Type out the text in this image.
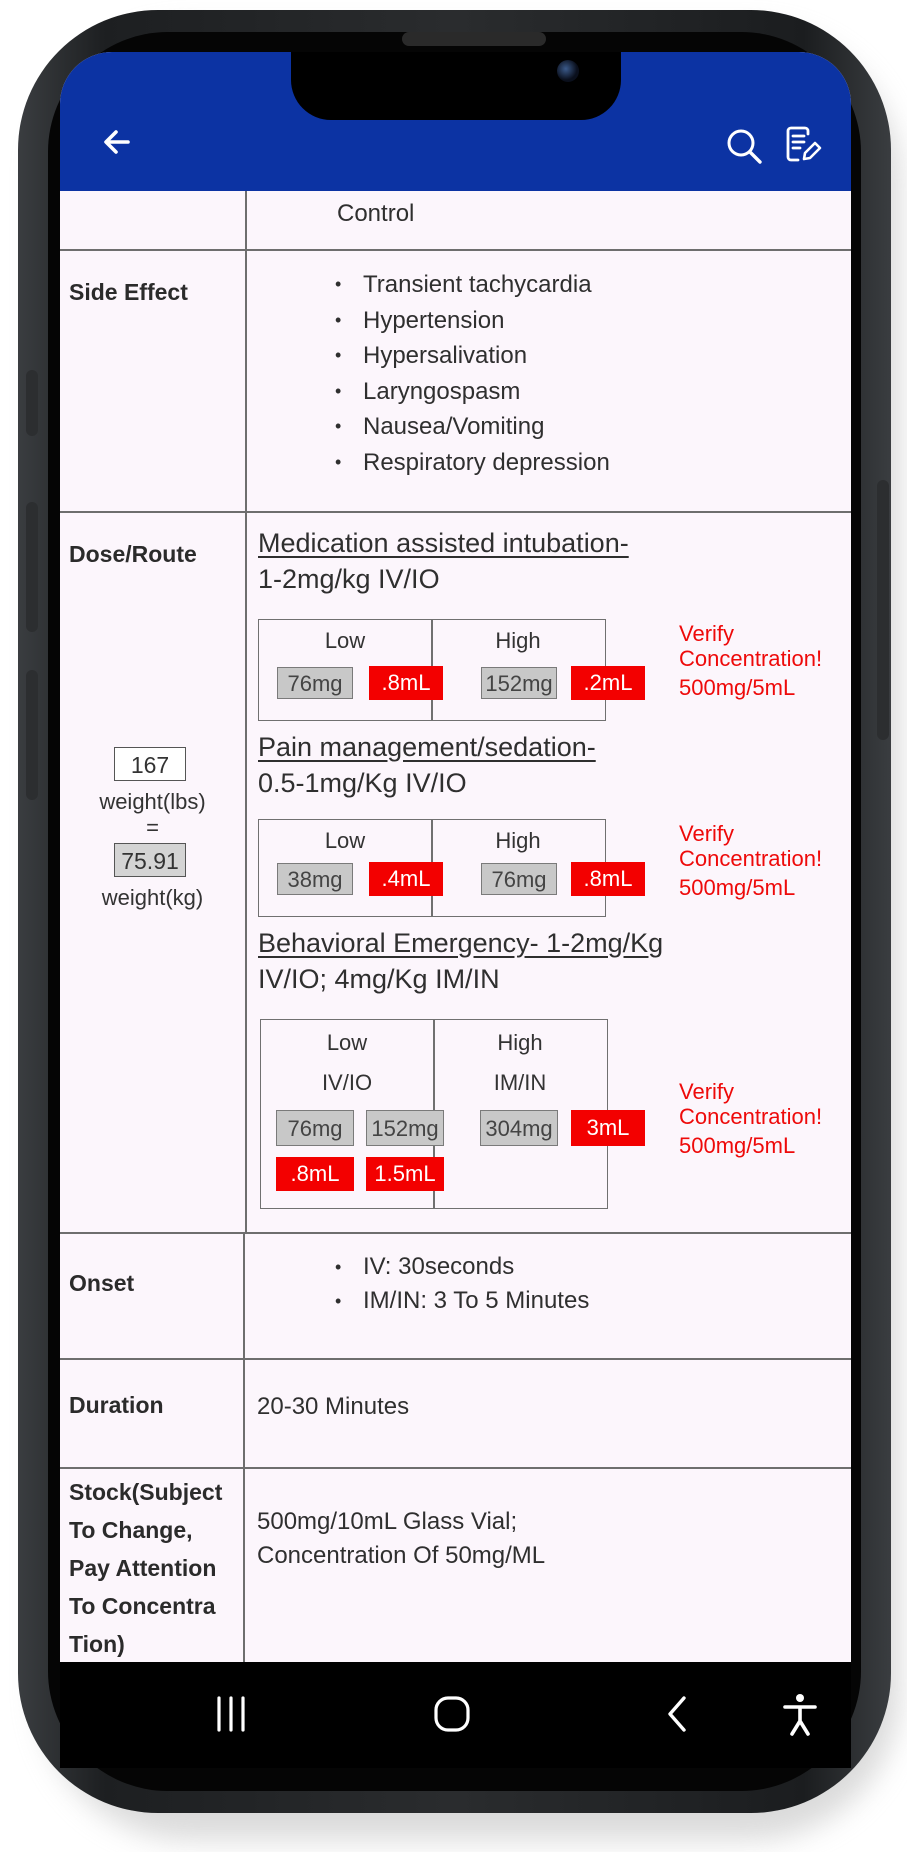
Control
Side Effect
•	Transient tachycardia
• Hypertension
• Hypersalivation
• Laryngospasm
• Nausea/Vomiting
• Respiratory depression
Dose/Route
167
weight(lbs)
=
75.91
weight(kg)
Medication assisted intubation-
1-2mg/kg IV/IO
Low	High
76mg	.8mL	152mg	.2mL
Verify
Concentration!
500mg/5mL
Pain management/sedation-
0.5-1mg/Kg IV/IO
Low	High
38mg	.4mL	76mg	.8mL
Verify
Concentration!
500mg/5mL
Behavioral Emergency- 1-2mg/Kg
IV/IO; 4mg/Kg IM/IN
Low
IV/IO
High
IM/IN
76mg	152mg
.8mL	1.5mL
304mg	3mL
Verify
Concentration!
500mg/5mL
Onset
• IV: 30seconds
• IM/IN: 3 To 5 Minutes
Duration	20-30 Minutes
Stock(Subject
To Change,
Pay Attention
To Concentra
Tion)
500mg/10mL Glass Vial;
Concentration Of 50mg/ML
